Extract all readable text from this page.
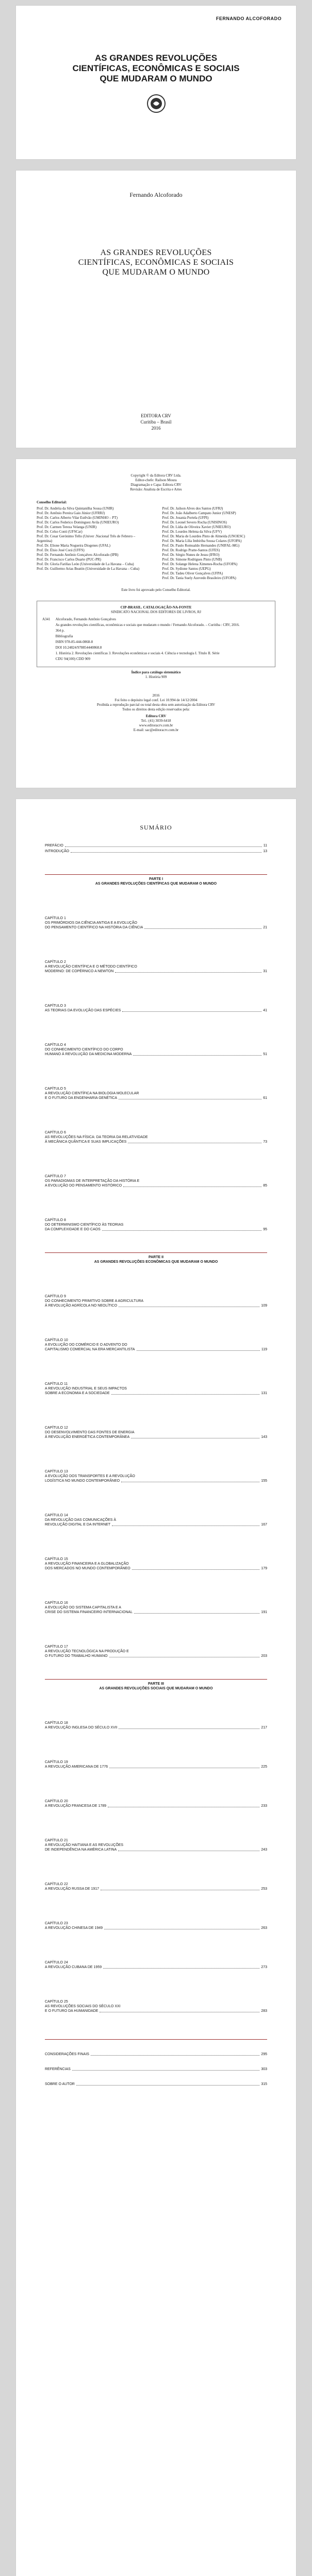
FERNANDO ALCOFORADO
AS GRANDES REVOLUÇÕES
CIENTÍFICAS, ECONÔMICAS E SOCIAIS
QUE MUDARAM O MUNDO
Fernando Alcoforado
AS GRANDES REVOLUÇÕES
CIENTÍFICAS, ECONÔMICAS E SOCIAIS
QUE MUDARAM O MUNDO
EDITORA CRV
Curitiba – Brasil
2016
Copyright © da Editora CRV Ltda.
Editor-chefe: Railson Moura
Diagramação e Capa: Editora CRV
Revisão: Analista de Escrita e Artes
Conselho Editorial:
Prof. Dr. Andréia da Silva Quintanilha Sousa (UNIR)
Prof. Dr. Antônio Pereira Gaio Júnior (UFRRJ)
Prof. Dr. Carlos Alberto Vilar Estêvão (UMINHO – PT)
Prof. Dr. Carlos Federico Dominguez Avila (UNIEURO)
Prof. Dr. Carmen Tereza Velanga (UNIR)
Prof. Dr. Celso Conti (UFSCar)
Prof. Dr. Cesar Gerónimo Tello (Univer .Nacional Três de Febrero – Argentina)
Prof. Dr. Elione Maria Nogueira Diogenes (UFAL)
Prof. Dr. Élsio José Corá (UFFS)
Prof. Dr. Fernando Antônio Gonçalves Alcoforado (IPB)
Prof. Dr. Francisco Carlos Duarte (PUC-PR)
Prof. Dr. Gloria Fariñas León (Universidade de La Havana – Cuba)
Prof. Dr. Guillermo Arias Beatón (Universidade de La Havana – Cuba)
Prof. Dr. Jailson Alves dos Santos (UFRJ)
Prof. Dr. João Adalberto Campato Junior (UNESP)
Prof. Dr. Josania Portela (UFPI)
Prof. Dr. Leonel Severo Rocha (UNISINOS)
Prof. Dr. Lídia de Oliveira Xavier (UNIEURO)
Prof. Dr. Lourdes Helena da Silva (UFV)
Prof. Dr. Maria de Lourdes Pinto de Almeida (UNOESC)
Prof. Dr. Maria Lília Imbiriba Sousa Colares (UFOPA)
Prof. Dr. Paulo Romualdo Hernandes (UNIFAL-MG)
Prof. Dr. Rodrigo Pratte-Santos (UFES)
Prof. Dr. Sérgio Nunes de Jesus (IFRO)
Prof. Dr. Simone Rodrigues Pinto (UNB)
Prof. Dr. Solange Helena Ximenes-Rocha (UFOPA)
Prof. Dr. Sydione Santos (UEPG)
Prof. Dr. Tadeu Oliver Gonçalves (UFPA)
Prof. Dr. Tania Suely Azevedo Brasileiro (UFOPA)
Este livro foi aprovado pelo Conselho Editorial.
CIP-BRASIL. CATALOGAÇÃO-NA-FONTE
SINDICATO NACIONAL DOS EDITORES DE LIVROS, RJ
A341 Alcoforado, Fernando Antônio Gonçalves
As grandes revoluções científicas, econômicas e sociais que mudaram o mundo / Fernando Alcoforado. – Curitiba : CRV, 2016.
364 p.
Bibliografia
ISBN 978-85-444-0868-8
DOI 10.24824/978854440868.8
1. História 2. Revoluções científicas 3. Revoluções econômicas e sociais 4. Ciência e tecnologia I. Título II. Série
CDU 94(100) CDD 909
Índice para catálogo sistemático
1. História 909
2016
Foi feito o depósito legal conf. Lei 10.994 de 14/12/2004
Proibida a reprodução parcial ou total desta obra sem autorização da Editora CRV
Todos os direitos desta edição reservados pela:
Editora CRV
Tel.: (41) 3039-6418
www.editoracrv.com.br
E-mail: sac@editoracrv.com.br
SUMÁRIO
PREFÁCIO	11
INTRODUÇÃO	13
PARTE I
AS GRANDES REVOLUÇÕES CIENTÍFICAS QUE MUDARAM O MUNDO
CAPÍTULO 1
OS PRIMÓRDIOS DA CIÊNCIA ANTIGA E A EVOLUÇÃO
DO PENSAMENTO CIENTÍFICO NA HISTÓRIA DA CIÊNCIA	21
CAPÍTULO 2
A REVOLUÇÃO CIENTÍFICA E O MÉTODO CIENTÍFICO
MODERNO: DE COPÉRNICO A NEWTON	31
CAPÍTULO 3
AS TEORIAS DA EVOLUÇÃO DAS ESPÉCIES	41
CAPÍTULO 4
DO CONHECIMENTO CIENTÍFICO DO CORPO
HUMANO À REVOLUÇÃO DA MEDICINA MODERNA	51
CAPÍTULO 5
A REVOLUÇÃO CIENTÍFICA NA BIOLOGIA MOLECULAR
E O FUTURO DA ENGENHARIA GENÉTICA	61
CAPÍTULO 6
AS REVOLUÇÕES NA FÍSICA: DA TEORIA DA RELATIVIDADE
À MECÂNICA QUÂNTICA E SUAS IMPLICAÇÕES	73
CAPÍTULO 7
OS PARADIGMAS DE INTERPRETAÇÃO DA HISTÓRIA E
A EVOLUÇÃO DO PENSAMENTO HISTÓRICO	85
CAPÍTULO 8
DO DETERMINISMO CIENTÍFICO ÀS TEORIAS
DA COMPLEXIDADE E DO CAOS	95
PARTE II
AS GRANDES REVOLUÇÕES ECONÔMICAS QUE MUDARAM O MUNDO
CAPÍTULO 9
DO CONHECIMENTO PRIMITIVO SOBRE A AGRICULTURA
À REVOLUÇÃO AGRÍCOLA NO NEOLÍTICO	109
CAPÍTULO 10
A EVOLUÇÃO DO COMÉRCIO E O ADVENTO DO
CAPITALISMO COMERCIAL NA ERA MERCANTILISTA	119
CAPÍTULO 11
A REVOLUÇÃO INDUSTRIAL E SEUS IMPACTOS
SOBRE A ECONOMIA E A SOCIEDADE	131
CAPÍTULO 12
DO DESENVOLVIMENTO DAS FONTES DE ENERGIA
À REVOLUÇÃO ENERGÉTICA CONTEMPORÂNEA	143
CAPÍTULO 13
A EVOLUÇÃO DOS TRANSPORTES E A REVOLUÇÃO
LOGÍSTICA NO MUNDO CONTEMPORÂNEO	155
CAPÍTULO 14
DA REVOLUÇÃO DAS COMUNICAÇÕES À
REVOLUÇÃO DIGITAL E DA INTERNET	167
CAPÍTULO 15
A REVOLUÇÃO FINANCEIRA E A GLOBALIZAÇÃO
DOS MERCADOS NO MUNDO CONTEMPORÂNEO	179
CAPÍTULO 16
A EVOLUÇÃO DO SISTEMA CAPITALISTA E A
CRISE DO SISTEMA FINANCEIRO INTERNACIONAL	191
CAPÍTULO 17
A REVOLUÇÃO TECNOLÓGICA NA PRODUÇÃO E
O FUTURO DO TRABALHO HUMANO	203
PARTE III
AS GRANDES REVOLUÇÕES SOCIAIS QUE MUDARAM O MUNDO
CAPÍTULO 18
A REVOLUÇÃO INGLESA DO SÉCULO XVII	217
CAPÍTULO 19
A REVOLUÇÃO AMERICANA DE 1776	225
CAPÍTULO 20
A REVOLUÇÃO FRANCESA DE 1789	233
CAPÍTULO 21
A REVOLUÇÃO HAITIANA E AS REVOLUÇÕES
DE INDEPENDÊNCIA NA AMÉRICA LATINA	243
CAPÍTULO 22
A REVOLUÇÃO RUSSA DE 1917	253
CAPÍTULO 23
A REVOLUÇÃO CHINESA DE 1949	263
CAPÍTULO 24
A REVOLUÇÃO CUBANA DE 1959	273
CAPÍTULO 25
AS REVOLUÇÕES SOCIAIS DO SÉCULO XXI
E O FUTURO DA HUMANIDADE	283
CONSIDERAÇÕES FINAIS	295
REFERÊNCIAS	303
SOBRE O AUTOR	315
